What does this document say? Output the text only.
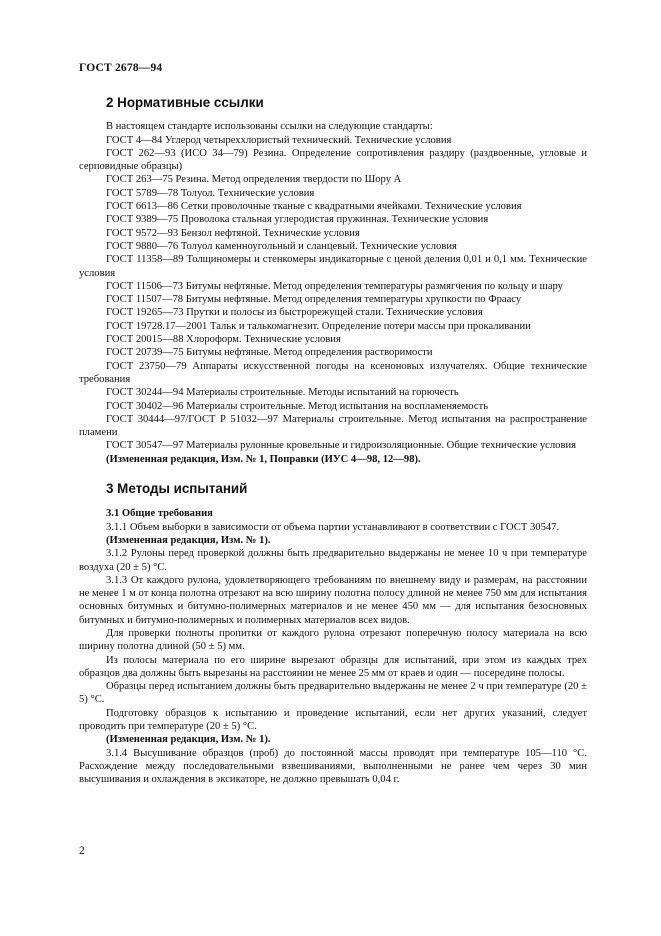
ГОСТ 2678—94
2 Нормативные ссылки

В настоящем стандарте использованы ссылки на следующие стандарты:

ГОСТ 4—84 Углерод четыреххлористый технический. Технические условия

ГОСТ 262—93 (ИСО 34—79) Резина. Определение сопротивления раздиру (раздвоенные, угловые и серповидные образцы)

ГОСТ 263—75 Резина. Метод определения твердости по Шору А

ГОСТ 5789—78 Толуол. Технические условия

ГОСТ 6613—86 Сетки проволочные тканые с квадратными ячейками. Технические условия

ГОСТ 9389—75 Проволока стальная углеродистая пружинная. Технические условия

ГОСТ 9572—93 Бензол нефтяной. Технические условия

ГОСТ 9880—76 Толуол каменноугольный и сланцевый. Технические условия

ГОСТ 11358—89 Толщиномеры и стенкомеры индикаторные с ценой деления 0,01 и 0,1 мм. Технические условия

ГОСТ 11506—73 Битумы нефтяные. Метод определения температуры размягчения по кольцу и шару

ГОСТ 11507—78 Битумы нефтяные. Метод определения температуры хрупкости по Фраасу

ГОСТ 19265—73 Прутки и полосы из быстрорежущей стали. Технические условия

ГОСТ 19728.17—2001 Тальк и талькомагнезит. Определение потери массы при прокаливании

ГОСТ 20015—88 Хлороформ. Технические условия

ГОСТ 20739—75 Битумы нефтяные. Метод определения растворимости

ГОСТ 23750—79 Аппараты искусственной погоды на ксеноновых излучателях. Общие технические требования

ГОСТ 30244—94 Материалы строительные. Методы испытаний на горючесть

ГОСТ 30402—96 Материалы строительные. Метод испытания на воспламеняемость

ГОСТ 30444—97/ГОСТ Р 51032—97 Материалы строительные. Метод испытания на распространение пламени

ГОСТ 30547—97 Материалы рулонные кровельные и гидроизоляционные. Общие технические условия

(Измененная редакция, Изм. № 1, Поправки (ИУС 4—98, 12—98).

3 Методы испытаний

3.1 Общие требования

3.1.1 Объем выборки в зависимости от объема партии устанавливают в соответствии с ГОСТ 30547.

(Измененная редакция, Изм. № 1).

3.1.2 Рулоны перед проверкой должны быть предварительно выдержаны не менее 10 ч при температуре воздуха (20 ± 5) °С.

3.1.3 От каждого рулона, удовлетворяющего требованиям по внешнему виду и размерам, на расстоянии не менее 1 м от конца полотна отрезают на всю ширину полотна полосу длиной не менее 750 мм для испытания основных битумных и битумно-полимерных материалов и не менее 450 мм — для испытания безосновных битумных и битумно-полимерных и полимерных материалов всех видов.

Для проверки полноты пропитки от каждого рулона отрезают поперечную полосу материала на всю ширину полотна длиной (50 ± 5) мм.

Из полосы материала по его ширине вырезают образцы для испытаний, при этом из каждых трех образцов два должны быть вырезаны на расстоянии не менее 25 мм от краев и один — посередине полосы.

Образцы перед испытанием должны быть предварительно выдержаны не менее 2 ч при температуре (20 ± 5) °С.

Подготовку образцов к испытанию и проведение испытаний, если нет других указаний, следует проводить при температуре (20 ± 5) °С.

(Измененная редакция, Изм. № 1).

3.1.4 Высушивание образцов (проб) до постоянной массы проводят при температуре 105—110 °С. Расхождение между последовательными взвешиваниями, выполненными не ранее чем через 30 мин высушивания и охлаждения в эксикаторе, не должно превышать 0,04 г.

2
